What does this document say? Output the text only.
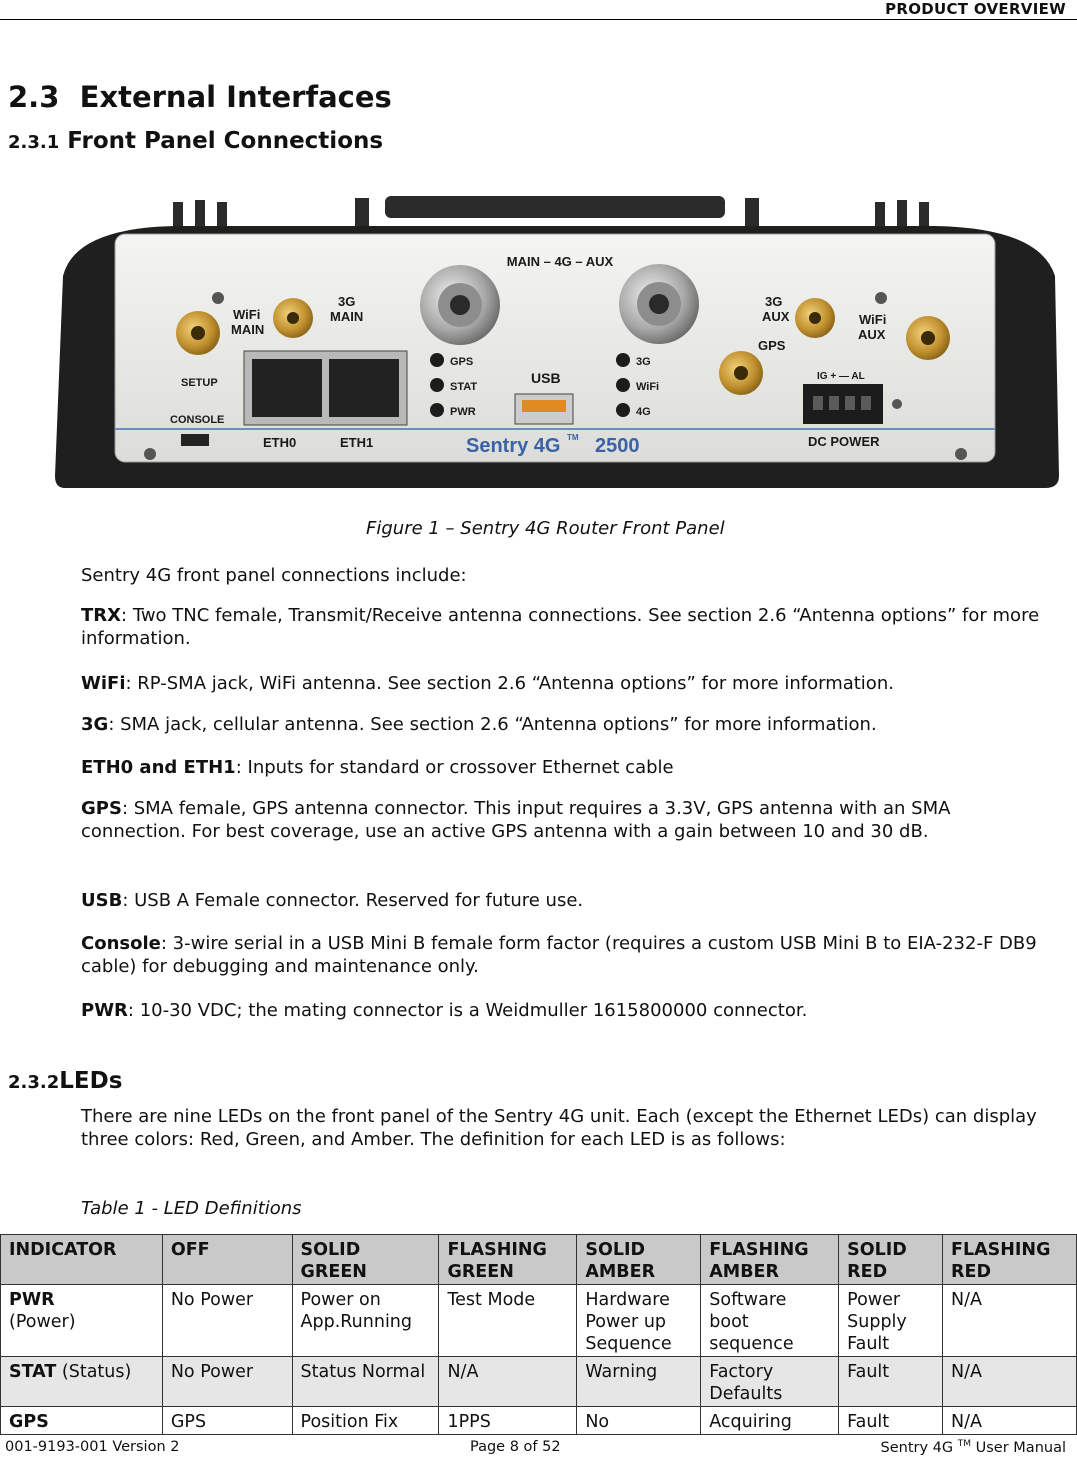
PRODUCT OVERVIEW
2.3 External Interfaces
2.3.1 Front Panel Connections
MAIN – 4G – AUX
WiFi
MAIN
3G
MAIN
3G
AUX	WiFi
AUX
GPS
SETUP
CONSOLE
ETH0	ETH1
GPS
STAT
PWR
USB
3G
WiFi
4G
IG + — AL
DC POWER
Sentry 4G TM 2500
Figure 1 – Sentry 4G Router Front Panel
Sentry 4G front panel connections include:
TRX: Two TNC female, Transmit/Receive antenna connections. See section 2.6 “Antenna options” for more information.
WiFi: RP-SMA jack, WiFi antenna. See section 2.6 “Antenna options” for more information.
3G: SMA jack, cellular antenna. See section 2.6 “Antenna options” for more information.
ETH0 and ETH1: Inputs for standard or crossover Ethernet cable
GPS: SMA female, GPS antenna connector. This input requires a 3.3V, GPS antenna with an SMA connection. For best coverage, use an active GPS antenna with a gain between 10 and 30 dB.
USB: USB A Female connector. Reserved for future use.
Console: 3-wire serial in a USB Mini B female form factor (requires a custom USB Mini B to EIA-232-F DB9 cable) for debugging and maintenance only.
PWR: 10-30 VDC; the mating connector is a Weidmuller 1615800000 connector.
2.3.2LEDs
There are nine LEDs on the front panel of the Sentry 4G unit. Each (except the Ethernet LEDs) can display three colors: Red, Green, and Amber. The definition for each LED is as follows:
Table 1 - LED Definitions
INDICATOR	OFF	SOLID GREEN	FLASHING GREEN	SOLID AMBER	FLASHING AMBER	SOLID RED	FLASHING RED
PWR
(Power)	No Power	Power on App.Running	Test Mode	Hardware Power up Sequence	Software boot sequence	Power Supply Fault	N/A
STAT (Status)	No Power	Status Normal	N/A	Warning	Factory Defaults	Fault	N/A
GPS	GPS	Position Fix	1PPS	No	Acquiring	Fault	N/A
001-9193-001 Version 2	Page 8 of 52	Sentry 4G ™ User Manual
